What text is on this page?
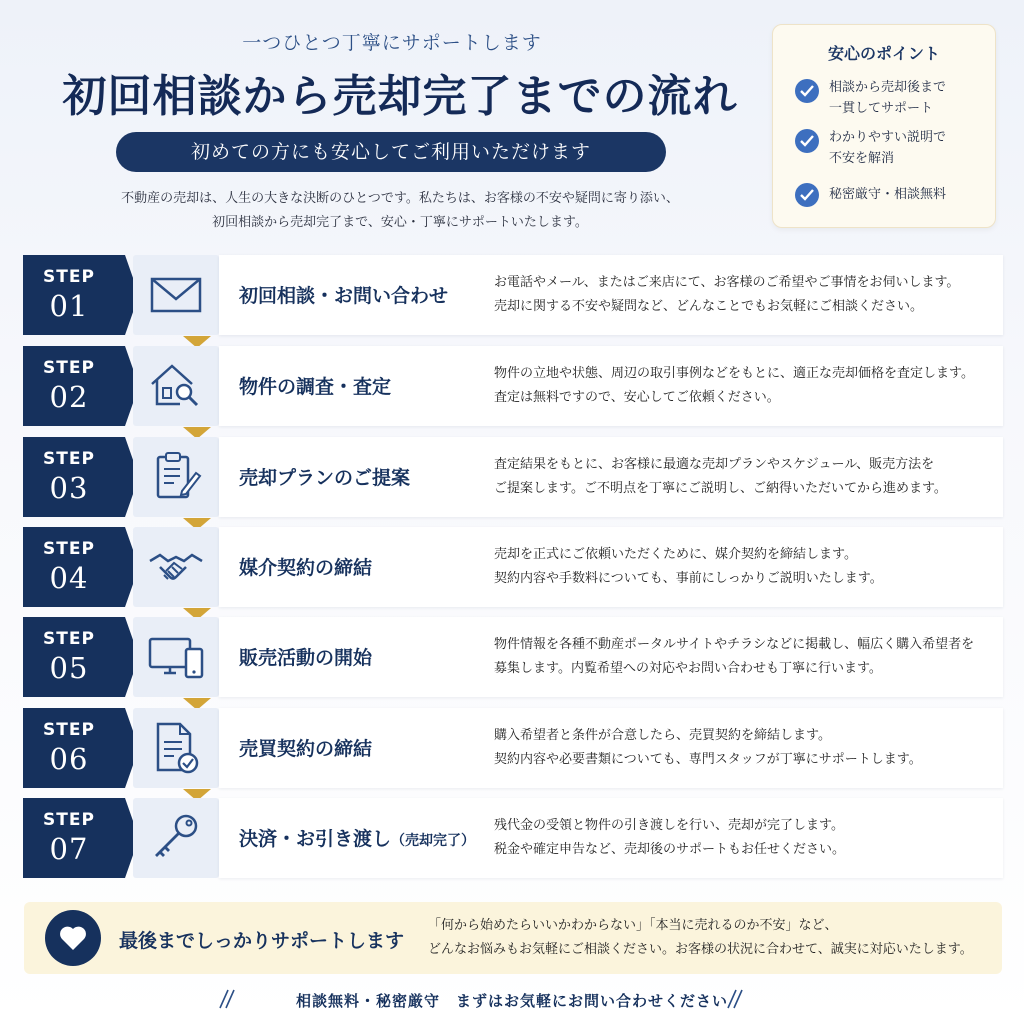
一つひとつ丁寧にサポートします
初回相談から売却完了までの流れ
初めての方にも安心してご利用いただけます
不動産の売却は、人生の大きな決断のひとつです。私たちは、お客様の不安や疑問に寄り添い、
初回相談から売却完了まで、安心・丁寧にサポートいたします。
安心のポイント
相談から売却後まで
一貫してサポート
わかりやすい説明で
不安を解消
秘密厳守・相談無料
STEP
01	初回相談・お問い合わせ
お電話やメール、またはご来店にて、お客様のご希望やご事情をお伺いします。
売却に関する不安や疑問など、どんなことでもお気軽にご相談ください。
STEP
02	物件の調査・査定
物件の立地や状態、周辺の取引事例などをもとに、適正な売却価格を査定します。
査定は無料ですので、安心してご依頼ください。
STEP
03	売却プランのご提案
査定結果をもとに、お客様に最適な売却プランやスケジュール、販売方法を
ご提案します。ご不明点を丁寧にご説明し、ご納得いただいてから進めます。
STEP
04	媒介契約の締結
売却を正式にご依頼いただくために、媒介契約を締結します。
契約内容や手数料についても、事前にしっかりご説明いたします。
STEP
05	販売活動の開始
物件情報を各種不動産ポータルサイトやチラシなどに掲載し、幅広く購入希望者を
募集します。内覧希望への対応やお問い合わせも丁寧に行います。
STEP
06	売買契約の締結
購入希望者と条件が合意したら、売買契約を締結します。
契約内容や必要書類についても、専門スタッフが丁寧にサポートします。
STEP
07	決済・お引き渡し（売却完了）
残代金の受領と物件の引き渡しを行い、売却が完了します。
税金や確定申告など、売却後のサポートもお任せください。
最後までしっかりサポートします
「何から始めたらいいかわからない」「本当に売れるのか不安」など、
どんなお悩みもお気軽にご相談ください。お客様の状況に合わせて、誠実に対応いたします。
相談無料・秘密厳守　まずはお気軽にお問い合わせください
